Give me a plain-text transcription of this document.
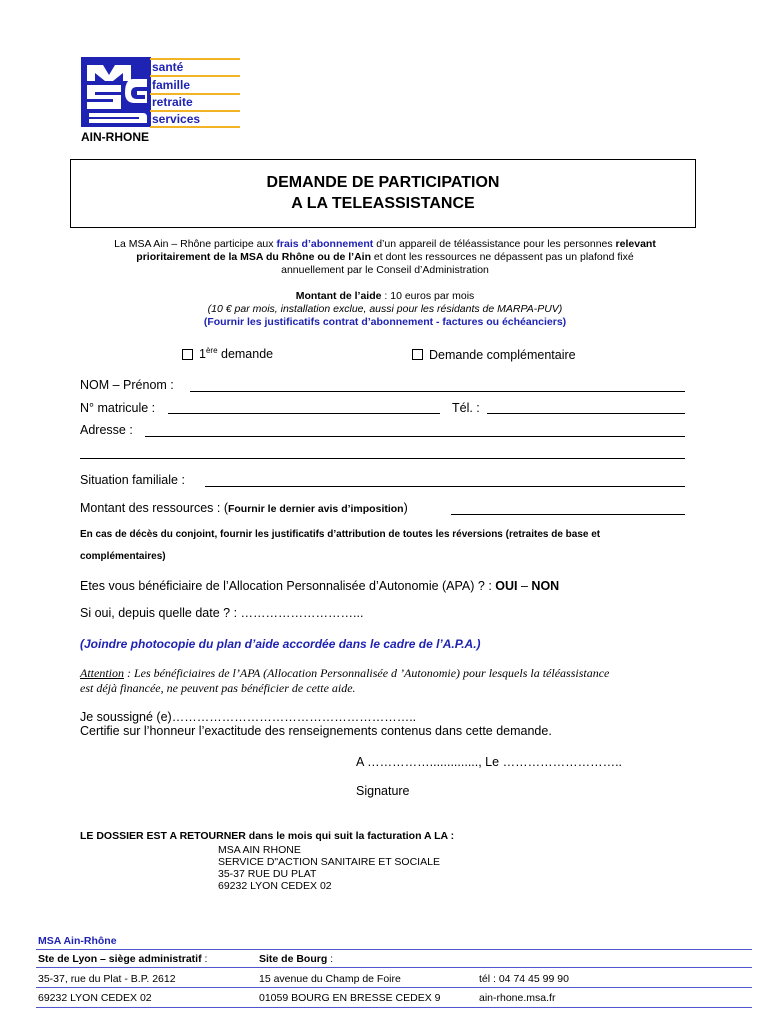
santé
famille
retraite
services
AIN-RHONE
DEMANDE DE PARTICIPATION
A LA TELEASSISTANCE
La MSA Ain – Rhône participe aux frais d’abonnement d’un appareil de téléassistance pour les personnes relevant
prioritairement de la MSA du Rhône ou de l’Ain et dont les ressources ne dépassent pas un plafond fixé
annuellement par le Conseil d’Administration
Montant de l’aide : 10 euros par mois
(10 € par mois, installation exclue, aussi pour les résidants de MARPA-PUV)
(Fournir les justificatifs contrat d’abonnement - factures ou échéanciers)
1ère demande	Demande complémentaire
NOM – Prénom :
N° matricule :	Tél. :
Adresse :
Situation familiale :
Montant des ressources : (Fournir le dernier avis d’imposition)
En cas de décès du conjoint, fournir les justificatifs d’attribution de toutes les réversions (retraites de base et
complémentaires)
Etes vous bénéficiaire de l’Allocation Personnalisée d’Autonomie (APA) ? : OUI – NON
Si oui, depuis quelle date ? : ………………………...
(Joindre photocopie du plan d’aide accordée dans le cadre de l’A.P.A.)
Attention : Les bénéficiaires de l’APA (Allocation Personnalisée d ’Autonomie) pour lesquels la téléassistance
est déjà financée, ne peuvent pas bénéficier de cette aide.
Je soussigné (e)…………………………………………………..
Certifie sur l’honneur l’exactitude des renseignements contenus dans cette demande.
A …………….............., Le ………………………..
Signature
LE DOSSIER EST A RETOURNER dans le mois qui suit la facturation A LA :
MSA AIN RHONE
SERVICE D"ACTION SANITAIRE ET SOCIALE
35-37 RUE DU PLAT
69232 LYON CEDEX 02
MSA Ain-Rhône
Ste de Lyon – siège administratif :	Site de Bourg :
35-37, rue du Plat - B.P. 2612	15 avenue du Champ de Foire	tél : 04 74 45 99 90
69232 LYON CEDEX 02	01059 BOURG EN BRESSE CEDEX 9	ain-rhone.msa.fr
